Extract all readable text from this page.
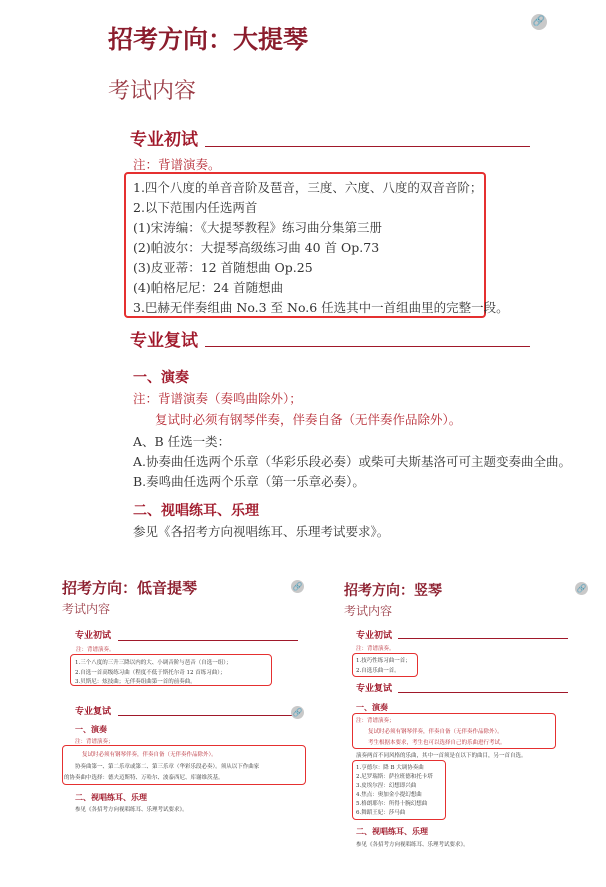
招考方向：大提琴
🔗
考试内容
专业初试
注：背谱演奏。
1.四个八度的单音音阶及琶音，三度、六度、八度的双音音阶；
2.以下范围内任选两首
(1)宋涛编：《大提琴教程》练习曲分集第三册
(2)帕波尔：大提琴高级练习曲 40 首 Op.73
(3)皮亚蒂：12 首随想曲 Op.25
(4)帕格尼尼：24 首随想曲
3.巴赫无伴奏组曲 No.3 至 No.6 任选其中一首组曲里的完整一段。
专业复试
一、演奏
注：背谱演奏（奏鸣曲除外）；
复试时必须有钢琴伴奏，伴奏自备（无伴奏作品除外）。
A、B 任选一类：
A.协奏曲任选两个乐章（华彩乐段必奏）或柴可夫斯基洛可可主题变奏曲全曲。
B.奏鸣曲任选两个乐章（第一乐章必奏）。
二、视唱练耳、乐理
参见《各招考方向视唱练耳、乐理考试要求》。
招考方向：低音提琴	🔗
考试内容
专业初试
注：背谱演奏。
1.三个八度的三升三降以内的大、小调音阶与琶音（自选一组）；
2.自选一首高级练习曲（程度不低于斯托尔奇 12 首练习曲）；
3.贝斯尼：炫技曲；无伴奏组曲第一首的前奏曲。
专业复试	🔗
一、演奏
注：背谱演奏；
复试时必须有钢琴伴奏，伴奏自备（无伴奏作品除外）。
协奏曲第一、第二乐章或第二、第三乐章（华彩乐段必奏）。须从以下作曲家
的协奏曲中选择：德夫迈斯特、万哈尔、波泰西尼、库谢维茨基。
二、视唱练耳、乐理
参见《各招考方向视唱练耳、乐理考试要求》。
招考方向：竖琴	🔗
考试内容
专业初试
注：背谱演奏。
1.技巧性练习曲一首；
2.自选乐曲一首。
专业复试
一、演奏
注：背谱演奏；
复试时必须有钢琴伴奏，伴奏自备（无伴奏作品除外）。
考生根据本要求，考生也可以选择自己的乐曲进行考试。
演奏两首不同风格的乐曲，其中一首须是在以下的曲目，另一首自选。
1.亨德尔：降 B 大调协奏曲
2.尼罗瑞斯：萨拉班德和托卡塔
3.皮埃尔涅：幻想即兴曲
4.焦点：奥加金小提幻想曲
5.格朗耶尔：所得十腕幻想曲
6.舞蹈王妃：莎马曲
二、视唱练耳、乐理
参见《各招考方向视唱练耳、乐理考试要求》。
